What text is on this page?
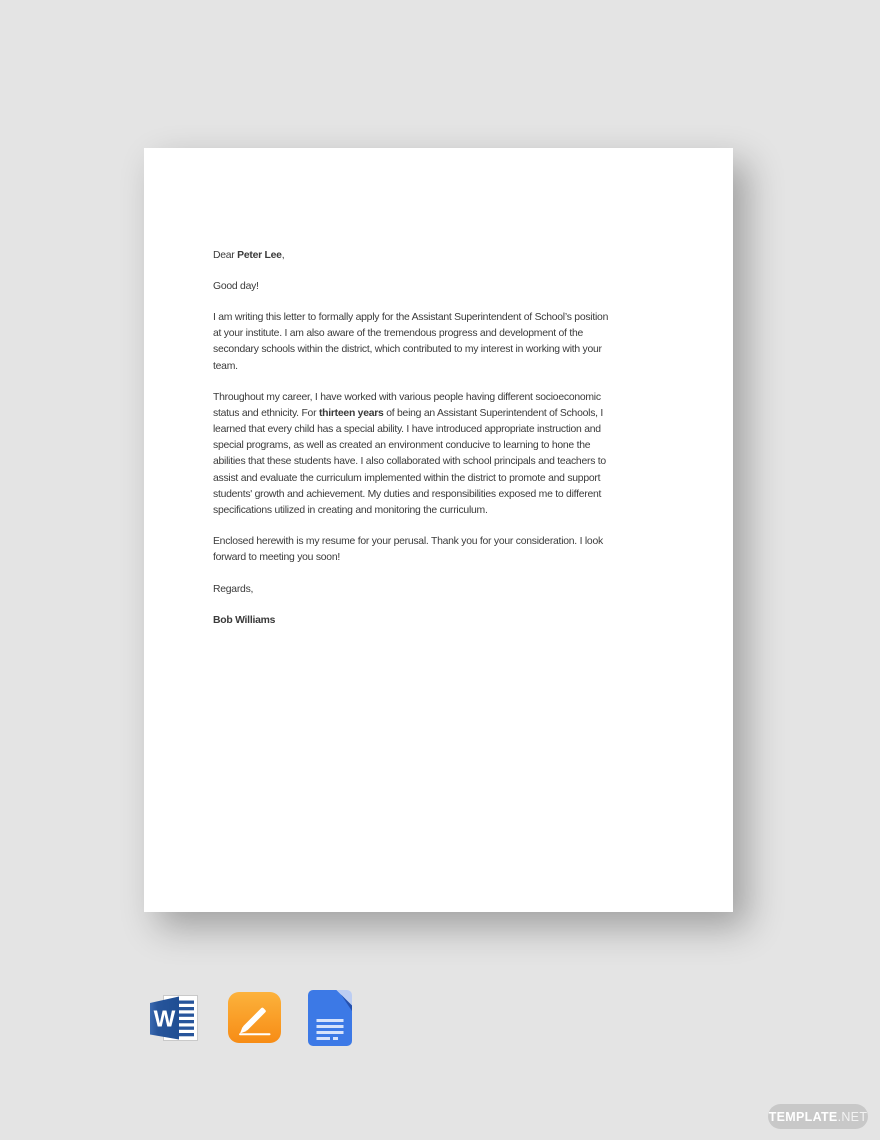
Dear Peter Lee,

Good day!

I am writing this letter to formally apply for the Assistant Superintendent of School’s position
at your institute. I am also aware of the tremendous progress and development of the
secondary schools within the district, which contributed to my interest in working with your
team.

Throughout my career, I have worked with various people having different socioeconomic
status and ethnicity. For thirteen years of being an Assistant Superintendent of Schools, I
learned that every child has a special ability. I have introduced appropriate instruction and
special programs, as well as created an environment conducive to learning to hone the
abilities that these students have. I also collaborated with school principals and teachers to
assist and evaluate the curriculum implemented within the district to promote and support
students' growth and achievement. My duties and responsibilities exposed me to different
specifications utilized in creating and monitoring the curriculum.

Enclosed herewith is my resume for your perusal. Thank you for your consideration. I look
forward to meeting you soon!

Regards,

Bob Williams

W
TEMPLATE .NET
